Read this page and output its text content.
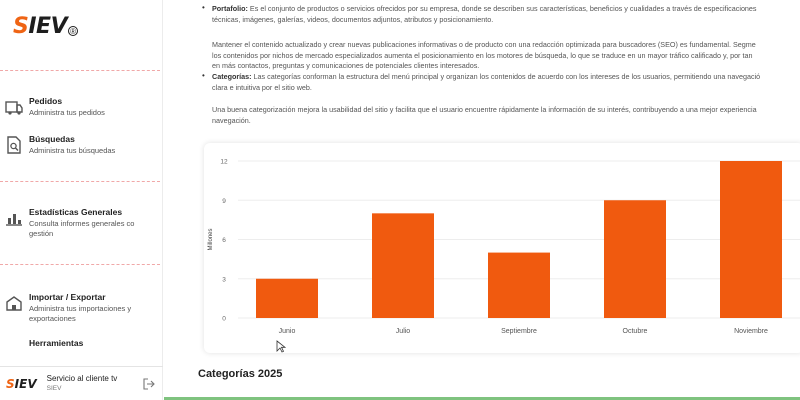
SIEV ®
Pedidos
Administra tus pedidos
Búsquedas
Administra tus búsquedas
Estadísticas Generales
Consulta informes generales co gestión
Importar / Exportar
Administra tus importaciones y exportaciones
Herramientas
SIEV Servicio al cliente tv
SIEV
• Portafolio: Es el conjunto de productos o servicios ofrecidos por su empresa, donde se describen sus características, beneficios y cualidades a través de especificaciones
técnicas, imágenes, galerías, videos, documentos adjuntos, atributos y posicionamiento.
Mantener el contenido actualizado y crear nuevas publicaciones informativas o de producto con una redacción optimizada para buscadores (SEO) es fundamental. Segme
los contenidos por nichos de mercado especializados aumenta el posicionamiento en los motores de búsqueda, lo que se traduce en un mayor tráfico calificado y, por tan
en más contactos, preguntas y comunicaciones de potenciales clientes interesados.
• Categorías: Las categorías conforman la estructura del menú principal y organizan los contenidos de acuerdo con los intereses de los usuarios, permitiendo una navegació
clara e intuitiva por el sitio web.
Una buena categorización mejora la usabilidad del sitio y facilita que el usuario encuentre rápidamente la información de su interés, contribuyendo a una mejor experiencia
navegación.
0
3
6
9
12
Millones
Junio	Julio	Septiembre	Octubre	Noviembre
Categorías 2025
